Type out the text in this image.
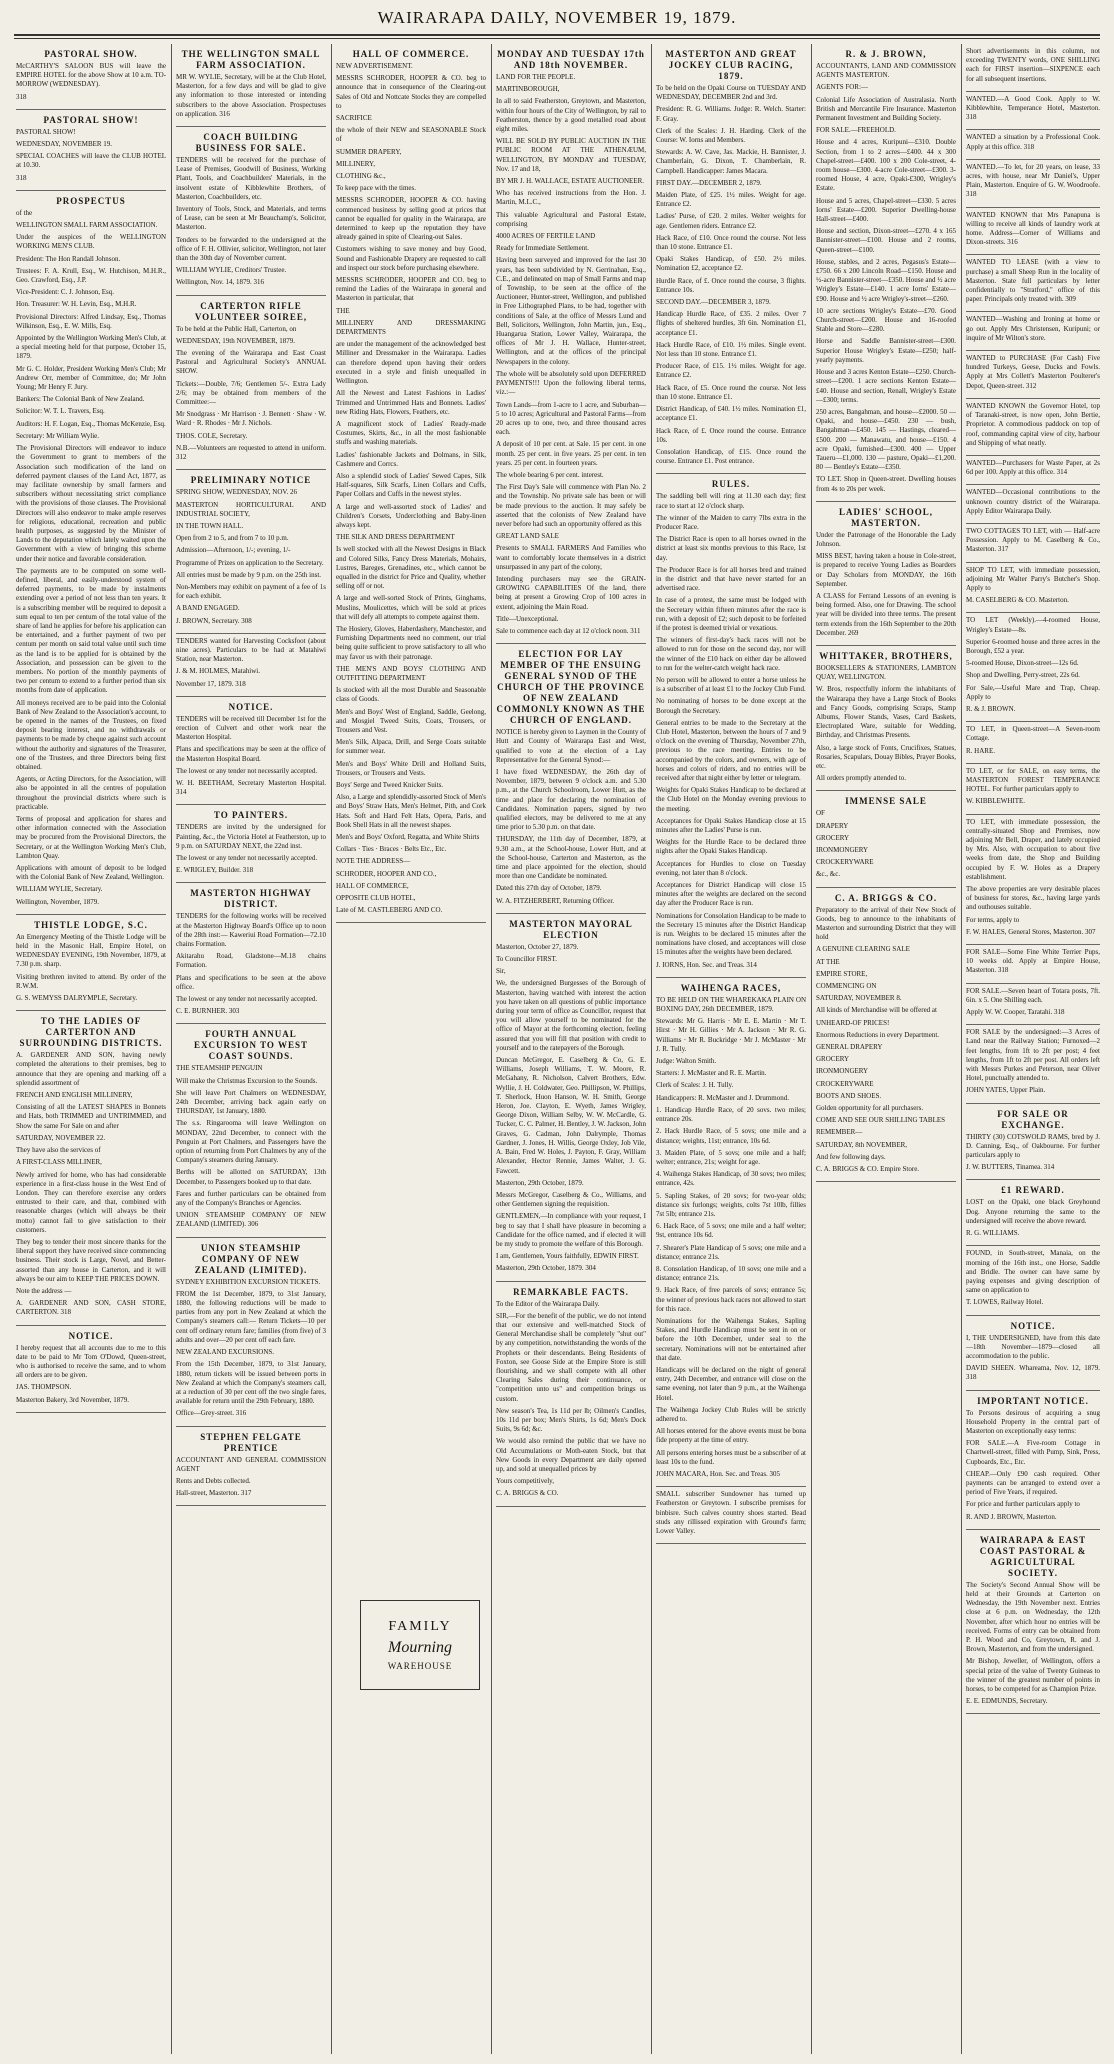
WAIRARAPA DAILY, NOVEMBER 19, 1879.
PASTORAL SHOW.

McCARTHY'S SALOON BUS will leave the EMPIRE HOTEL for the above Show at 10 a.m. TO-MORROW (WEDNESDAY).

318

PASTORAL SHOW!

PASTORAL SHOW!

WEDNESDAY, NOVEMBER 19.

SPECIAL COACHES will leave the CLUB HOTEL at 10.30.

318

PROSPECTUS

of the

WELLINGTON SMALL FARM ASSOCIATION.

Under the auspices of the WELLINGTON WORKING MEN'S CLUB.

President: The Hon Randall Johnson.

Trustees: F. A. Krull, Esq., W. Hutchison, M.H.R., Geo. Crawford, Esq., J.P.

Vice-President: C. J. Johnson, Esq.

Hon. Treasurer: W. H. Levin, Esq., M.H.R.

Provisional Directors: Alfred Lindsay, Esq., Thomas Wilkinson, Esq., E. W. Mills, Esq.

Appointed by the Wellington Working Men's Club, at a special meeting held for that purpose, October 15, 1879.

Mr G. C. Holder, President Working Men's Club; Mr Andrew Orr, member of Committee, do; Mr John Young; Mr Henry F. Jury.

Bankers: The Colonial Bank of New Zealand.

Solicitor: W. T. L. Travers, Esq.

Auditors: H. F. Logan, Esq., Thomas McKenzie, Esq.

Secretary: Mr William Wylie.

The Provisional Directors will endeavor to induce the Government to grant to members of the Association such modification of the land on deferred payment clauses of the Land Act, 1877, as may facilitate ownership by small farmers and subscribers without necessitating strict compliance with the provisions of those clauses. The Provisional Directors will also endeavor to make ample reserves for religious, educational, recreation and public health purposes, as suggested by the Minister of Lands to the deputation which lately waited upon the Government with a view of bringing this scheme under their notice and favorable consideration.

The payments are to be computed on some well-defined, liberal, and easily-understood system of deferred payments, to be made by instalments extending over a period of not less than ten years. It is a subscribing member will be required to deposit a sum equal to ten per centum of the total value of the share of land he applies for before his application can be entertained, and a further payment of two per centum per month on said total value until such time as the land is to be applied for is obtained by the Association, and possession can be given to the members. No portion of the monthly payments of two per centum to extend to a further period than six months from date of application.

All moneys received are to be paid into the Colonial Bank of New Zealand to the Association's account, to be opened in the names of the Trustees, on fixed deposit bearing interest, and no withdrawals or payments to be made by cheque against such account without the authority and signatures of the Treasurer, one of the Trustees, and three Directors being first obtained.

Agents, or Acting Directors, for the Association, will also be appointed in all the centres of population throughout the provincial districts where such is practicable.

Terms of proposal and application for shares and other information connected with the Association may be procured from the Provisional Directors, the Secretary, or at the Wellington Working Men's Club, Lambton Quay.

Applications with amount of deposit to be lodged with the Colonial Bank of New Zealand, Wellington.

WILLIAM WYLIE, Secretary.

Wellington, November, 1879.

THISTLE LODGE, S.C.

An Emergency Meeting of the Thistle Lodge will be held in the Masonic Hall, Empire Hotel, on WEDNESDAY EVENING, 19th November, 1879, at 7.30 p.m. sharp.

Visiting brethren invited to attend. By order of the R.W.M.

G. S. WEMYSS DALRYMPLE, Secretary.

TO THE LADIES OF CARTERTON AND SURROUNDING DISTRICTS.

A. GARDENER AND SON, having newly completed the alterations to their premises, beg to announce that they are opening and marking off a splendid assortment of

FRENCH AND ENGLISH MILLINERY,

Consisting of all the LATEST SHAPES in Bonnets and Hats, both TRIMMED and UNTRIMMED, and Show the same For Sale on and after

SATURDAY, NOVEMBER 22.

They have also the services of

A FIRST-CLASS MILLINER,

Newly arrived for home, who has had considerable experience in a first-class house in the West End of London. They can therefore exercise any orders entrusted to their care, and that, combined with reasonable charges (which will always be their motto) cannot fail to give satisfaction to their customers.

They beg to tender their most sincere thanks for the liberal support they have received since commencing business. Their stock is Large, Novel, and Better-assorted than any house in Carterton, and it will always be our aim to KEEP THE PRICES DOWN.

Note the address —

A. GARDENER AND SON, CASH STORE, CARTERTON. 318

NOTICE.

I hereby request that all accounts due to me to this date to be paid to Mr Tom O'Dowd, Queen-street, who is authorised to receive the same, and to whom all orders are to be given.

JAS. THOMPSON.

Masterton Bakery, 3rd November, 1879.

THE WELLINGTON SMALL FARM ASSOCIATION.

MR W. WYLIE, Secretary, will be at the Club Hotel, Masterton, for a few days and will be glad to give any information to those interested or intending subscribers to the above Association. Prospectuses on application. 316

COACH BUILDING BUSINESS FOR SALE.

TENDERS will be received for the purchase of Lease of Premises, Goodwill of Business, Working Plant, Tools, and Coachbuilders' Materials, in the insolvent estate of Kibblewhite Brothers, of Masterton, Coachbuilders, etc.

Inventory of Tools, Stock, and Materials, and terms of Lease, can be seen at Mr Beauchamp's, Solicitor, Masterton.

Tenders to be forwarded to the undersigned at the office of F. H. Ollivier, solicitor, Wellington, not later than the 30th day of November current.

WILLIAM WYLIE, Creditors' Trustee.

Wellington, Nov. 14, 1879. 316

CARTERTON RIFLE VOLUNTEER SOIREE,

To be held at the Public Hall, Carterton, on

WEDNESDAY, 19th NOVEMBER, 1879.

The evening of the Wairarapa and East Coast Pastoral and Agricultural Society's ANNUAL SHOW.

Tickets:—Double, 7/6; Gentlemen 5/-. Extra Lady 2/6; may be obtained from members of the Committee:—

Mr Snodgrass · Mr Harrison · J. Bennett · Shaw · W. Ward · R. Rhodes · Mr J. Nichols.

THOS. COLE, Secretary.

N.B.—Volunteers are requested to attend in uniform. 312

PRELIMINARY NOTICE

SPRING SHOW, WEDNESDAY, NOV. 26

MASTERTON HORTICULTURAL AND INDUSTRIAL SOCIETY,

IN THE TOWN HALL.

Open from 2 to 5, and from 7 to 10 p.m.

Admission—Afternoon, 1/-; evening, 1/-

Programme of Prizes on application to the Secretary.

All entries must be made by 9 p.m. on the 25th inst.

Non-Members may exhibit on payment of a fee of 1s for each exhibit.

A BAND ENGAGED.

J. BROWN, Secretary. 308

TENDERS wanted for Harvesting Cocksfoot (about nine acres). Particulars to be had at Matahiwi Station, near Masterton.

J. & M. HOLMES, Matahiwi.

November 17, 1879. 318

NOTICE.

TENDERS will be received till December 1st for the erection of Culvert and other work near the Masterton Hospital.

Plans and specifications may be seen at the office of the Masterton Hospital Board.

The lowest or any tender not necessarily accepted.

W. H. BEETHAM, Secretary Masterton Hospital. 314

TO PAINTERS.

TENDERS are invited by the undersigned for Painting, &c., the Victoria Hotel at Featherston, up to 9 p.m. on SATURDAY NEXT, the 22nd inst.

The lowest or any tender not necessarily accepted.

E. WRIGLEY, Builder. 318

MASTERTON HIGHWAY DISTRICT.

TENDERS for the following works will be received at the Masterton Highway Board's Office up to noon of the 28th inst:— Kaweriui Road Formation—72.10 chains Formation.

Akitarahu Road, Gladstone—M.18 chains Formation.

Plans and specifications to be seen at the above office.

The lowest or any tender not necessarily accepted.

C. E. BURNHER. 303

FOURTH ANNUAL EXCURSION TO WEST COAST SOUNDS.

THE STEAMSHIP PENGUIN

Will make the Christmas Excursion to the Sounds.

She will leave Port Chalmers on WEDNESDAY, 24th December, arriving back again early on THURSDAY, 1st January, 1880.

The s.s. Ringarooma will leave Wellington on MONDAY, 22nd December, to connect with the Penguin at Port Chalmers, and Passengers have the option of returning from Port Chalmers by any of the Company's steamers during January.

Berths will be allotted on SATURDAY, 13th December, to Passengers booked up to that date.

Fares and further particulars can be obtained from any of the Company's Branches or Agencies.

UNION STEAMSHIP COMPANY OF NEW ZEALAND (LIMITED). 306

UNION STEAMSHIP COMPANY OF NEW ZEALAND (LIMITED).

SYDNEY EXHIBITION EXCURSION TICKETS.

FROM the 1st December, 1879, to 31st January, 1880, the following reductions will be made to parties from any port in New Zealand at which the Company's steamers call:— Return Tickets—10 per cent off ordinary return fare; families (from five) of 3 adults and over—20 per cent off each fare.

NEW ZEALAND EXCURSIONS.

From the 15th December, 1879, to 31st January, 1880, return tickets will be issued between ports in New Zealand at which the Company's steamers call, at a reduction of 30 per cent off the two single fares, available for return until the 29th February, 1880.

Office—Grey-street. 316

STEPHEN FELGATE PRENTICE

ACCOUNTANT AND GENERAL COMMISSION AGENT

Rents and Debts collected.

Hall-street, Masterton. 317

HALL OF COMMERCE.

NEW ADVERTISEMENT.

MESSRS SCHRODER, HOOPER & CO. beg to announce that in consequence of the Clearing-out Sales of Old and Nottcate Stocks they are compelled to

SACRIFICE

the whole of their NEW and SEASONABLE Stock of

SUMMER DRAPERY,

MILLINERY,

CLOTHING &c.,

To keep pace with the times.

MESSRS SCHRODER, HOOPER & CO. having commenced business by selling good at prices that cannot be equalled for quality in the Wairarapa, are determined to keep up the reputation they have already gained in spite of Clearing-out Sales.

Customers wishing to save money and buy Good, Sound and Fashionable Drapery are requested to call and inspect our stock before purchasing elsewhere.

MESSRS SCHRODER, HOOPER and CO. beg to remind the Ladies of the Wairarapa in general and Masterton in particular, that

THE

MILLINERY AND DRESSMAKING DEPARTMENTS

are under the management of the acknowledged best Milliner and Dressmaker in the Wairarapa. Ladies can therefore depend upon having their orders executed in a style and finish unequalled in Wellington.

All the Newest and Latest Fashions in Ladies' Trimmed and Untrimmed Hats and Bonnets. Ladies' new Riding Hats, Flowers, Feathers, etc.

A magnificent stock of Ladies' Ready-made Costumes, Skirts, &c., in all the most fashionable stuffs and washing materials.

Ladies' fashionable Jackets and Dolmans, in Silk, Cashmere and Corrcs.

Also a splendid stock of Ladies' Sewed Capes, Silk Half-squares, Silk Scarfs, Linen Collars and Cuffs, Paper Collars and Cuffs in the newest styles.

A large and well-assorted stock of Ladies' and Children's Corsets, Underclothing and Baby-linen always kept.

THE SILK AND DRESS DEPARTMENT

Is well stocked with all the Newest Designs in Black and Colored Silks, Fancy Dress Materials, Mohairs, Lustres, Bareges, Grenadines, etc., which cannot be equalled in the district for Price and Quality, whether selling off or not.

A large and well-sorted Stock of Prints, Ginghams, Muslins, Moulicettes, which will be sold at prices that will defy all attempts to compete against them.

The Hosiery, Gloves, Haberdashery, Manchester, and Furnishing Departments need no comment, our trial being quite sufficient to prove satisfactory to all who may favor us with their patronage.

THE MEN'S AND BOYS' CLOTHING AND OUTFITTING DEPARTMENT

Is stocked with all the most Durable and Seasonable class of Goods.

Men's and Boys' West of England, Saddle, Geelong, and Mosgiel Tweed Suits, Coats, Trousers, or Trousers and Vest.

Men's Silk, Alpaca, Drill, and Serge Coats suitable for summer wear.

Men's and Boys' White Drill and Holland Suits, Trousers, or Trousers and Vests.

Boys' Serge and Tweed Knicker Suits.

Also, a Large and splendidly-assorted Stock of Men's and Boys' Straw Hats, Men's Helmet, Pith, and Cork Hats. Soft and Hard Felt Hats, Opera, Paris, and Book Shell Hats in all the newest shapes.

Men's and Boys' Oxford, Regatta, and White Shirts

Collars · Ties · Braces · Belts Etc., Etc.

NOTE THE ADDRESS—

SCHRODER, HOOPER AND CO.,

HALL OF COMMERCE,

OPPOSITE CLUB HOTEL,

Late of M. CASTLEBERG AND CO.

MONDAY AND TUESDAY 17th AND 18th NOVEMBER.

LAND FOR THE PEOPLE.

MARTINBOROUGH,

In all to said Featherston, Greytown, and Masterton, within four hours of the City of Wellington, by rail to Featherston, thence by a good metalled road about eight miles.

WILL BE SOLD BY PUBLIC AUCTION IN THE PUBLIC ROOM AT THE ATHENÆUM, WELLINGTON, BY MONDAY and TUESDAY, Nov. 17 and 18,

BY MR J. H. WALLACE, ESTATE AUCTIONEER.

Who has received instructions from the Hon. J. Martin, M.L.C.,

This valuable Agricultural and Pastoral Estate, comprising

4000 ACRES OF FERTILE LAND

Ready for Immediate Settlement.

Having been surveyed and improved for the last 30 years, has been subdivided by N. Gerrinahan, Esq., C.E., and delineated on map of Small Farms and map of Township, to be seen at the office of the Auctioneer, Hunter-street, Wellington, and published in Free Lithographed Plans, to be had, together with conditions of Sale, at the office of Messrs Lund and Bell, Solicitors, Wellington, John Martin, jun., Esq., Huangarua Station, Lower Valley, Wairarapa, the offices of Mr J. H. Wallace, Hunter-street, Wellington, and at the offices of the principal Newspapers in the colony.

The whole will be absolutely sold upon DEFERRED PAYMENTS!!! Upon the following liberal terms, viz.:—

Town Lands—from 1-acre to 1 acre, and Suburban—5 to 10 acres; Agricultural and Pastoral Farms—from 20 acres up to one, two, and three thousand acres each.

A deposit of 10 per cent. at Sale. 15 per cent. in one month. 25 per cent. in five years. 25 per cent. in ten years. 25 per cent. in fourteen years.

The whole bearing 6 per cent. interest.

The First Day's Sale will commence with Plan No. 2 and the Township. No private sale has been or will be made previous to the auction. It may safely be asserted that the colonists of New Zealand have never before had such an opportunity offered as this

GREAT LAND SALE

Presents to SMALL FARMERS And Families who want to comfortably locate themselves in a district unsurpassed in any part of the colony,

Intending purchasers may see the GRAIN-GROWING CAPABILITIES Of the land, there being at present a Growing Crop of 100 acres in extent, adjoining the Main Road.

Title—Unexceptional.

Sale to commence each day at 12 o'clock noon. 311

ELECTION FOR LAY MEMBER OF THE ENSUING GENERAL SYNOD OF THE CHURCH OF THE PROVINCE OF NEW ZEALAND COMMONLY KNOWN AS THE CHURCH OF ENGLAND.

NOTICE is hereby given to Laymen in the County of Hutt and County of Wairarapa East and West, qualified to vote at the election of a Lay Representative for the General Synod:—

I have fixed WEDNESDAY, the 26th day of November, 1879, between 9 o'clock a.m. and 5.30 p.m., at the Church Schoolroom, Lower Hutt, as the time and place for declaring the nomination of Candidates. Nomination papers, signed by two qualified electors, may be delivered to me at any time prior to 5.30 p.m. on that date.

THURSDAY, the 11th day of December, 1879, at 9.30 a.m., at the School-house, Lower Hutt, and at the School-house, Carterton and Masterton, as the time and place appointed for the election, should more than one Candidate be nominated.

Dated this 27th day of October, 1879.

W. A. FITZHERBERT, Returning Officer.

MASTERTON MAYORAL ELECTION

Masterton, October 27, 1879.

To Councillor FIRST.

Sir,

We, the undersigned Burgesses of the Borough of Masterton, having watched with interest the action you have taken on all questions of public importance during your term of office as Councillor, request that you will allow yourself to be nominated for the office of Mayor at the forthcoming election, feeling assured that you will fill that position with credit to yourself and to the ratepayers of the Borough.

Duncan McGregor, E. Caselberg & Co, G. E. Williams, Joseph Williams, T. W. Moore, R. McGahany, R. Nicholson, Calvert Brothers, Edw. Wyllie, J. H. Coldwater, Geo. Phillipson, W. Phillips, T. Sherlock, Huon Hanson, W. H. Smith, George Heron, Joe. Clayton, E. Wyeth, James Wrigley, George Dixon, William Selby, W. W. McCardle, G. Tucker, C. C. Palmer, H. Bentley, J. W. Jackson, John Graves, G. Cadman, John Dalrymple, Thomas Gardner, J. Jones, H. Willis, George Oxley, Job Vile, A. Bain, Fred W. Holes, J. Payton, F. Gray, William Alexander, Hector Rennie, James Walter, J. G. Fawcett.

Masterton, 29th October, 1879.

Messrs McGregor, Caselberg & Co., Williams, and other Gentlemen signing the requisition.

GENTLEMEN,—In compliance with your request, I beg to say that I shall have pleasure in becoming a Candidate for the office named, and if elected it will be my study to promote the welfare of this Borough.

I am, Gentlemen, Yours faithfully, EDWIN FIRST.

Masterton, 29th October, 1879. 304

REMARKABLE FACTS.

To the Editor of the Wairarapa Daily.

SIR,—For the benefit of the public, we do not intend that our extensive and well-matched Stock of General Merchandise shall be completely "shut out" by any competition, notwithstanding the words of the Prophets or their descendants. Being Residents of Foxton, see Goose Side at the Empire Store is still flourishing, and we shall compete with all other Clearing Sales during their continuance, or "competition unto us" and competition brings us custom.

New season's Tea, 1s 11d per lb; Oilmen's Candles, 10s 11d per box; Men's Shirts, 1s 6d; Men's Dock Suits, 9s 6d; &c.

We would also remind the public that we have no Old Accumulations or Moth-eaten Stock, but that New Goods in every Department are daily opened up, and sold at unequalled prices by

Yours competitively,

C. A. BRIGGS & CO.

MASTERTON AND GREAT JOCKEY CLUB RACING, 1879.

To be held on the Opaki Course on TUESDAY AND WEDNESDAY, DECEMBER 2nd and 3rd.

President: R. G. Williams. Judge: R. Welch. Starter: F. Gray.

Clerk of the Scales: J. H. Harding. Clerk of the Course: W. Iorns and Members.

Stewards: A. W. Cave, Jas. Mackie, H. Bannister, J. Chamberlain, G. Dixon, T. Chamberlain, R. Campbell. Handicapper: James Macara.

FIRST DAY.—DECEMBER 2, 1879.

Maiden Plate, of £25. 1½ miles. Weight for age. Entrance £2.

Ladies' Purse, of £20. 2 miles. Welter weights for age. Gentlemen riders. Entrance £2.

Hack Race, of £10. Once round the course. Not less than 10 stone. Entrance £1.

Opaki Stakes Handicap, of £50. 2½ miles. Nomination £2, acceptance £2.

Hurdle Race, of £. Once round the course, 3 flights. Entrance 10s.

SECOND DAY.—DECEMBER 3, 1879.

Handicap Hurdle Race, of £35. 2 miles. Over 7 flights of sheltered hurdles, 3ft 6in. Nomination £1, acceptance £1.

Hack Hurdle Race, of £10. 1½ miles. Single event. Not less than 10 stone. Entrance £1.

Producer Race, of £15. 1½ miles. Weight for age. Entrance £2.

Hack Race, of £5. Once round the course. Not less than 10 stone. Entrance £1.

District Handicap, of £40. 1½ miles. Nomination £1, acceptance £1.

Hack Race, of £. Once round the course. Entrance 10s.

Consolation Handicap, of £15. Once round the course. Entrance £1. Post entrance.

RULES.

The saddling bell will ring at 11.30 each day; first race to start at 12 o'clock sharp.

The winner of the Maiden to carry 7lbs extra in the Producer Race.

The District Race is open to all horses owned in the district at least six months previous to this Race, 1st day.

The Producer Race is for all horses bred and trained in the district and that have never started for an advertised race.

In case of a protest, the same must be lodged with the Secretary within fifteen minutes after the race is run, with a deposit of £2; such deposit to be forfeited if the protest is deemed trivial or vexatious.

The winners of first-day's hack races will not be allowed to run for those on the second day, nor will the winner of the £10 hack on either day be allowed to run for the welter-catch weight hack race.

No person will be allowed to enter a horse unless he is a subscriber of at least £1 to the Jockey Club Fund.

No nominating of horses to be done except at the Borough the Secretary.

General entries to be made to the Secretary at the Club Hotel, Masterton, between the hours of 7 and 9 o'clock on the evening of Thursday, November 27th, previous to the race meeting. Entries to be accompanied by the colors, and owners, with age of horses and colors of riders, and no entries will be received after that night either by letter or telegram.

Weights for Opaki Stakes Handicap to be declared at the Club Hotel on the Monday evening previous to the meeting.

Acceptances for Opaki Stakes Handicap close at 15 minutes after the Ladies' Purse is run.

Weights for the Hurdle Race to be declared three nights after the Opaki Stakes Handicap.

Acceptances for Hurdles to close on Tuesday evening, not later than 8 o'clock.

Acceptances for District Handicap will close 15 minutes after the weights are declared on the second day after the Producer Race is run.

Nominations for Consolation Handicap to be made to the Secretary 15 minutes after the District Handicap is run. Weights to be declared 15 minutes after the nominations have closed, and acceptances will close 15 minutes after the weights have been declared.

J. IORNS, Hon. Sec. and Treas. 314

WAIHENGA RACES,

TO BE HELD ON THE WHAREKAKA PLAIN ON BOXING DAY, 26th DECEMBER, 1879.

Stewards: Mr G. Harris · Mr E. E. Martin · Mr T. Hirst · Mr H. Gillies · Mr A. Jackson · Mr R. G. Williams · Mr R. Buckridge · Mr J. McMaster · Mr J. R. Tully.

Judge: Walton Smith.

Starters: J. McMaster and R. E. Martin.

Clerk of Scales: J. H. Tully.

Handicappers: R. McMaster and J. Drummond.

1. Handicap Hurdle Race, of 20 sovs. two miles; entrance 20s.

2. Hack Hurdle Race, of 5 sovs; one mile and a distance; weights, 11st; entrance, 10s 6d.

3. Maiden Plate, of 5 sovs; one mile and a half; welter; entrance, 21s; weight for age.

4. Waihenga Stakes Handicap, of 30 sovs; two miles; entrance, 42s.

5. Sapling Stakes, of 20 sovs; for two-year olds; distance six furlongs; weights, colts 7st 10lb, fillies 7st 5lb; entrance 21s.

6. Hack Race, of 5 sovs; one mile and a half welter; 9st, entrance 10s 6d.

7. Shearer's Plate Handicap of 5 sovs; one mile and a distance; entrance 21s.

8. Consolation Handicap, of 10 sovs; one mile and a distance; entrance 21s.

9. Hack Race, of free parcels of sovs; entrance 5s; the winner of previous hack races not allowed to start for this race.

Nominations for the Waihenga Stakes, Sapling Stakes, and Hurdle Handicap must be sent in on or before the 10th December, under seal to the secretary. Nominations will not be entertained after that date.

Handicaps will be declared on the night of general entry, 24th December, and entrance will close on the same evening, not later than 9 p.m., at the Waihenga Hotel.

The Waihenga Jockey Club Rules will be strictly adhered to.

All horses entered for the above events must be bona fide property at the time of entry.

All persons entering horses must be a subscriber of at least 10s to the fund.

JOHN MACARA, Hon. Sec. and Treas. 305

SMALL subscriber Sundowner has turned up Featherston or Greytown. I subscribe premises for binbisre. Such calves country shoes started. Bead studs any rillissed expiration with Ground's farm; Lower Valley.

R. & J. BROWN,

ACCOUNTANTS, LAND AND COMMISSION AGENTS MASTERTON.

AGENTS FOR:—

Colonial Life Association of Australasia. North British and Mercantile Fire Insurance. Masterton Permanent Investment and Building Society.

FOR SALE.—FREEHOLD.

House and 4 acres, Kuripuni—£310. Double Section, from 1 to 2 acres—£400. 44 x 300 Chapel-street—£400. 100 x 200 Cole-street, 4-room house—£300. 4-acre Cole-street—£300. 3-roomed House, 4 acre, Opaki-£300, Wrigley's Estate.

House and 5 acres, Chapel-street—£330. 5 acres Iorns' Estate—£200. Superior Dwelling-house Hall-street—£400.

House and section, Dixon-street—£270. 4 x 165 Bannister-street—£100. House and 2 rooms, Queen-street—£100.

House, stables, and 2 acres, Pegasus's Estate—£750. 66 x 200 Lincoln Road—£150. House and ½-acre Bannister-street—£350. House and ½ acre Wrigley's Estate—£140. 1 acre Iorns' Estate—£90. House and ½ acre Wrigley's-street—£260.

10 acre sections Wrigley's Estate—£70. Good Church-street—£200. House and 16-roofed Stable and Store—£280.

Horse and Saddle Bannister-street—£300. Superior House Wrigley's Estate—£250; half-yearly payments.

House and 3 acres Kenton Estate—£250. Church-street—£200. 1 acre sections Kenton Estate—£40. House and section, Renall, Wrigley's Estate—£300; terms.

250 acres, Bangahman, and house—£2000. 50 — Opaki, and house—£450. 230 — bush, Bangahman—£450. 145 — Hastings, cleared—£500. 200 — Manawatu, and house—£150. 4 acre Opaki, furnished—£300. 400 — Upper Taueru—£1,000. 130 — pasture, Opaki—£1,200. 80 — Bentley's Estate—£350.

TO LET. Shop in Queen-street. Dwelling houses from 4s to 20s per week.

LADIES' SCHOOL, MASTERTON.

Under the Patronage of the Honorable the Lady Johnson.

MISS BEST, having taken a house in Cole-street, is prepared to receive Young Ladies as Boarders or Day Scholars from MONDAY, the 16th September.

A CLASS for Ferrand Lessons of an evening is being formed. Also, one for Drawing. The school year will be divided into three terms. The present term extends from the 16th September to the 20th December. 269

WHITTAKER, BROTHERS,

BOOKSELLERS & STATIONERS, LAMBTON QUAY, WELLINGTON.

W. Bros, respectfully inform the inhabitants of the Wairarapa they have a Large Stock of Books and Fancy Goods, comprising Scraps, Stamp Albums, Flower Stands, Vases, Card Baskets, Electroplated Ware, suitable for Wedding, Birthday, and Christmas Presents.

Also, a large stock of Fonts, Crucifixes, Statues, Rosaries, Scapulars, Douay Bibles, Prayer Books, etc.

All orders promptly attended to.

IMMENSE SALE

OF

DRAPERY

GROCERY

IRONMONGERY

CROCKERYWARE

&c., &c.

C. A. BRIGGS & CO.

Preparatory to the arrival of their New Stock of Goods, beg to announce to the inhabitants of Masterton and surrounding District that they will hold

A GENUINE CLEARING SALE

AT THE

EMPIRE STORE,

COMMENCING ON

SATURDAY, NOVEMBER 8.

All kinds of Merchandise will be offered at

UNHEARD-OF PRICES!

Enormous Reductions in every Department.

GENERAL DRAPERY

GROCERY

IRONMONGERY

CROCKERYWARE

BOOTS AND SHOES.

Golden opportunity for all purchasers.

COME AND SEE OUR SHILLING TABLES

REMEMBER—

SATURDAY, 8th NOVEMBER,

And few following days.

C. A. BRIGGS & CO. Empire Store.

Short advertisements in this column, not exceeding TWENTY words, ONE SHILLING each for FIRST insertion—SIXPENCE each for all subsequent insertions.

WANTED.—A Good Cook. Apply to W. Kibblewhite, Temperance Hotel, Masterton. 318

WANTED a situation by a Professional Cook. Apply at this office. 318

WANTED.—To let, for 20 years, on lease, 33 acres, with house, near Mr Daniel's, Upper Plain, Masterton. Enquire of G. W. Woodroofe. 318

WANTED KNOWN that Mrs Panapuna is willing to receive all kinds of laundry work at home. Address—Corner of Williams and Dixon-streets. 316

WANTED TO LEASE (with a view to purchase) a small Sheep Run in the locality of Masterton. State full particulars by letter confidentially to "Stratford," office of this paper. Principals only treated with. 309

WANTED—Washing and Ironing at home or go out. Apply Mrs Christensen, Kuripuni; or inquire of Mr Wilton's store.

WANTED to PURCHASE (For Cash) Five hundred Turkeys, Geese, Ducks and Fowls. Apply at Mrs Collett's Masterton Poulterer's Depot, Queen-street. 312

WANTED KNOWN the Governor Hotel, top of Taranaki-street, is now open, John Bertie, Proprietor. A commodious paddock on top of roof, commanding capital view of city, harbour and Shipping of what neatly.

WANTED—Purchasers for Waste Paper, at 2s 6d per 100. Apply at this office. 314

WANTED—Occasional contributions to the unknown country district of the Wairarapa. Apply Editor Wairarapa Daily.

TWO COTTAGES TO LET, with — Half-acre Possession. Apply to M. Caselberg & Co., Masterton. 317

SHOP TO LET, with immediate possession, adjoining Mr Walter Parry's Butcher's Shop. Apply to

M. CASELBERG & CO. Masterton.

TO LET (Weekly).—4-roomed House, Wrigley's Estate—8s.

Superior 6-roomed house and three acres in the Borough, £52 a year.

5-roomed House, Dixon-street—12s 6d.

Shop and Dwelling, Perry-street, 22s 6d.

For Sale,—Useful Mare and Trap, Cheap. Apply to

R. & J. BROWN.

TO LET, in Queen-street—A Seven-room Cottage.

R. HARE.

TO LET, or for SALE, on easy terms, the MASTERTON FOREST TEMPERANCE HOTEL. For further particulars apply to

W. KIBBLEWHITE.

TO LET, with immediate possession, the centrally-situated Shop and Premises, now adjoining Mr Bell, Draper, and lately occupied by Mrs. Also, with occupation to about five weeks from date, the Shop and Building occupied by F. W. Holes as a Drapery establishment.

The above properties are very desirable places of business for stores, &c., having large yards and outhouses suitable.

For terms, apply to

F. W. HALES, General Stores, Masterton. 307

FOR SALE—Some Fine White Terrier Pups, 10 weeks old. Apply at Empire House, Masterton. 318

FOR SALE.—Seven heart of Totara posts, 7ft. 6in. x 5. One Shilling each.

Apply W. W. Cooper, Taratahi. 318

FOR SALE by the undersigned:—3 Acres of Land near the Railway Station; Furnoxed—2 feet lengths, from 1ft to 2ft per post; 4 feet lengths, from 1ft to 2ft per post. All orders left with Messrs Purkes and Peterson, near Oliver Hotel, punctually attended to.

JOHN YATES, Upper Plain.

FOR SALE OR EXCHANGE.

THIRTY (30) COTSWOLD RAMS, bred by J. D. Canning, Esq., of Oakbourne. For further particulars apply to

J. W. BUTTERS, Tinamea. 314

£1 REWARD.

LOST on the Opaki, one black Greyhound Dog. Anyone returning the same to the undersigned will receive the above reward.

R. G. WILLIAMS.

FOUND, in South-street, Manaia, on the morning of the 16th inst., one Horse, Saddle and Bridle. The owner can have same by paying expenses and giving description of same on application to

T. LOWES, Railway Hotel.

NOTICE.

I, THE UNDERSIGNED, have from this date—18th November—1879—closed all accommodation to the public.

DAVID SHEEN. Whareama, Nov. 12, 1879. 318

IMPORTANT NOTICE.

To Persons desirous of acquiring a snug Household Property in the central part of Masterton on exceptionally easy terms:

FOR SALE.—A Five-room Cottage in Chartwell-street, filled with Pump, Sink, Press, Cupboards, Etc., Etc.

CHEAP.—Only £90 cash required. Other payments can be arranged to extend over a period of Five Years, if required.

For price and further particulars apply to

R. AND J. BROWN, Masterton.

WAIRARAPA & EAST COAST PASTORAL & AGRICULTURAL SOCIETY.

The Society's Second Annual Show will be held at their Grounds at Carterton on Wednesday, the 19th November next. Entries close at 6 p.m. on Wednesday, the 12th November, after which hour no entries will be received. Forms of entry can be obtained from P. H. Wood and Co, Greytown, R. and J. Brown, Masterton, and from the undersigned.

Mr Bishop, Jeweller, of Wellington, offers a special prize of the value of Twenty Guineas to the winner of the greatest number of points in horses, to be competed for as Champion Prize.

E. E. EDMUNDS, Secretary.

FAMILY
Mourning
WAREHOUSE
